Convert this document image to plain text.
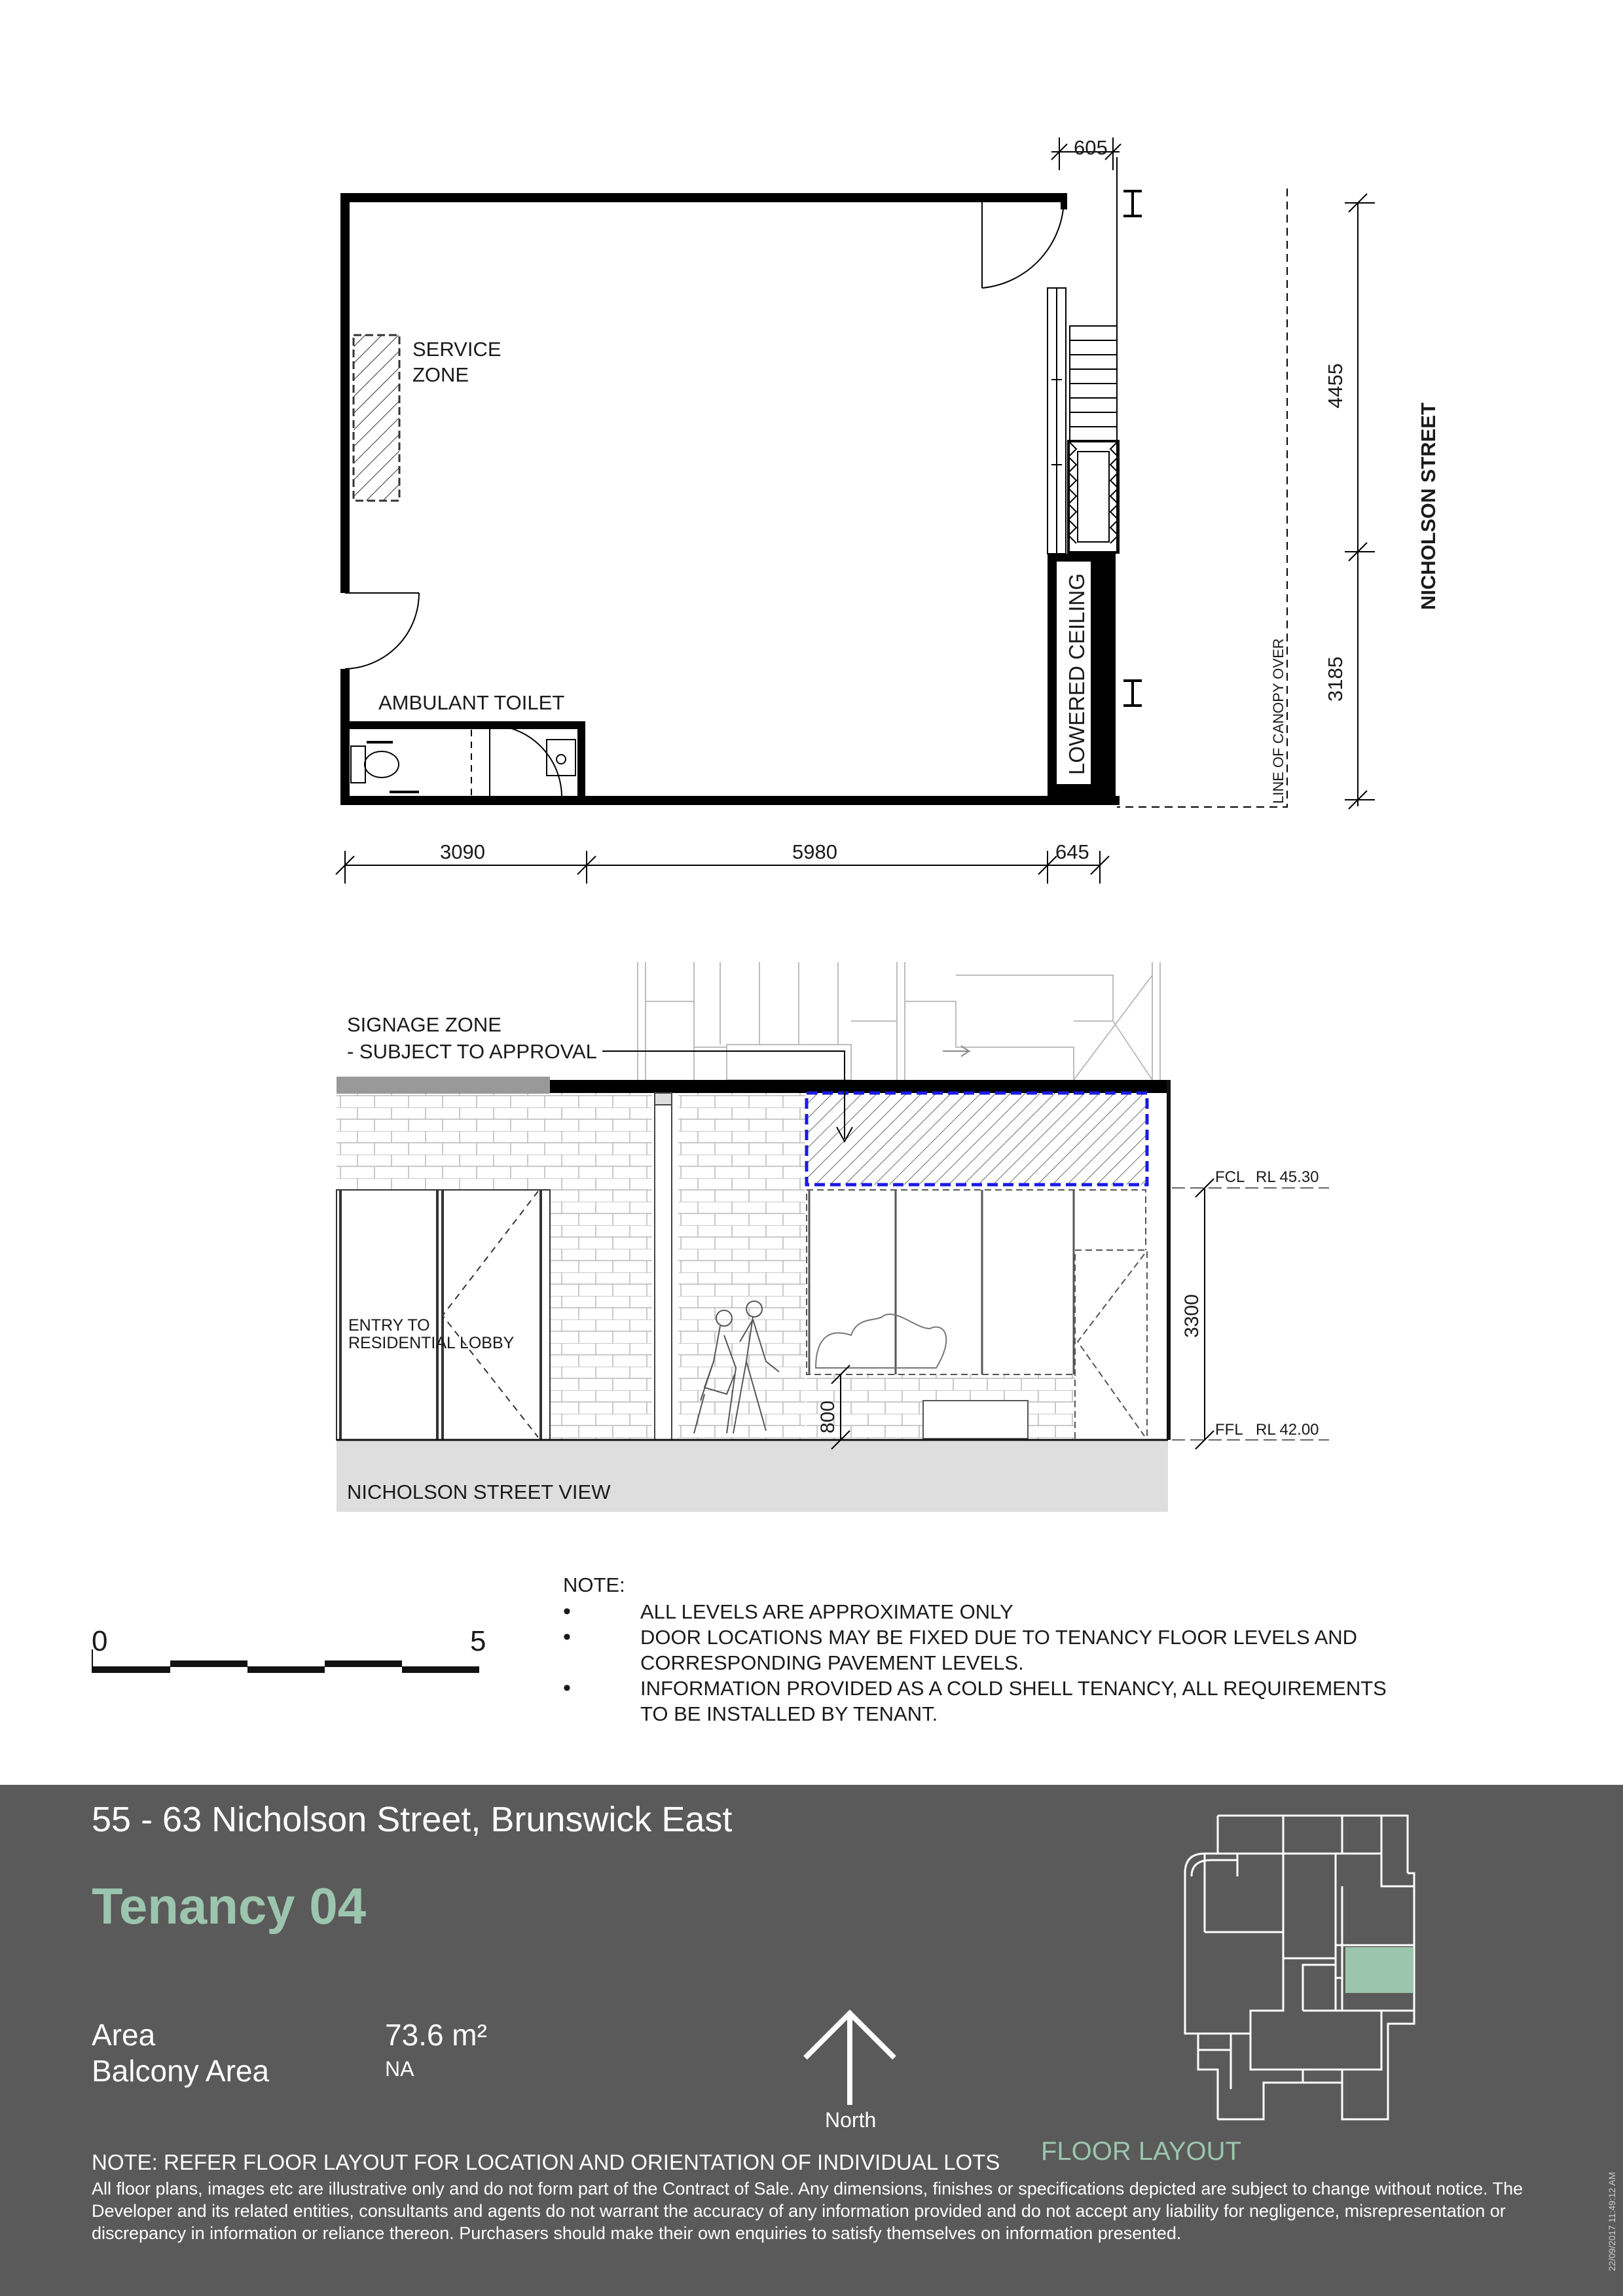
SERVICE
ZONE
AMBULANT TOILET	LOWERED CEILING	LINE OF CANOPY OVER
605
4455
3185
3090	5980	645
NICHOLSON STREET
ENTRY TO
RESIDENTIAL LOBBY
SIGNAGE ZONE
- SUBJECT TO APPROVAL
NICHOLSON STREET VIEW
FCL RL 45.30
FFL RL 42.00
3300
800
0	5
NOTE:
• ALL LEVELS ARE APPROXIMATE ONLY
• DOOR LOCATIONS MAY BE FIXED DUE TO TENANCY FLOOR LEVELS AND CORRESPONDING PAVEMENT LEVELS.
• INFORMATION PROVIDED AS A COLD SHELL TENANCY, ALL REQUIREMENTS TO BE INSTALLED BY TENANT.
55 - 63 Nicholson Street, Brunswick East
Tenancy 04
Area	73.6 m²
Balcony Area	NA
North
FLOOR LAYOUT
NOTE: REFER FLOOR LAYOUT FOR LOCATION AND ORIENTATION OF INDIVIDUAL LOTS
All floor plans, images etc are illustrative only and do not form part of the Contract of Sale. Any dimensions, finishes or specifications depicted are subject to change without notice. The Developer and its related entities, consultants and agents do not warrant the accuracy of any information provided and do not accept any liability for negligence, misrepresentation or discrepancy in information or reliance thereon. Purchasers should make their own enquiries to satisfy themselves on information presented.	22/09/2017 11:49:12 AM
